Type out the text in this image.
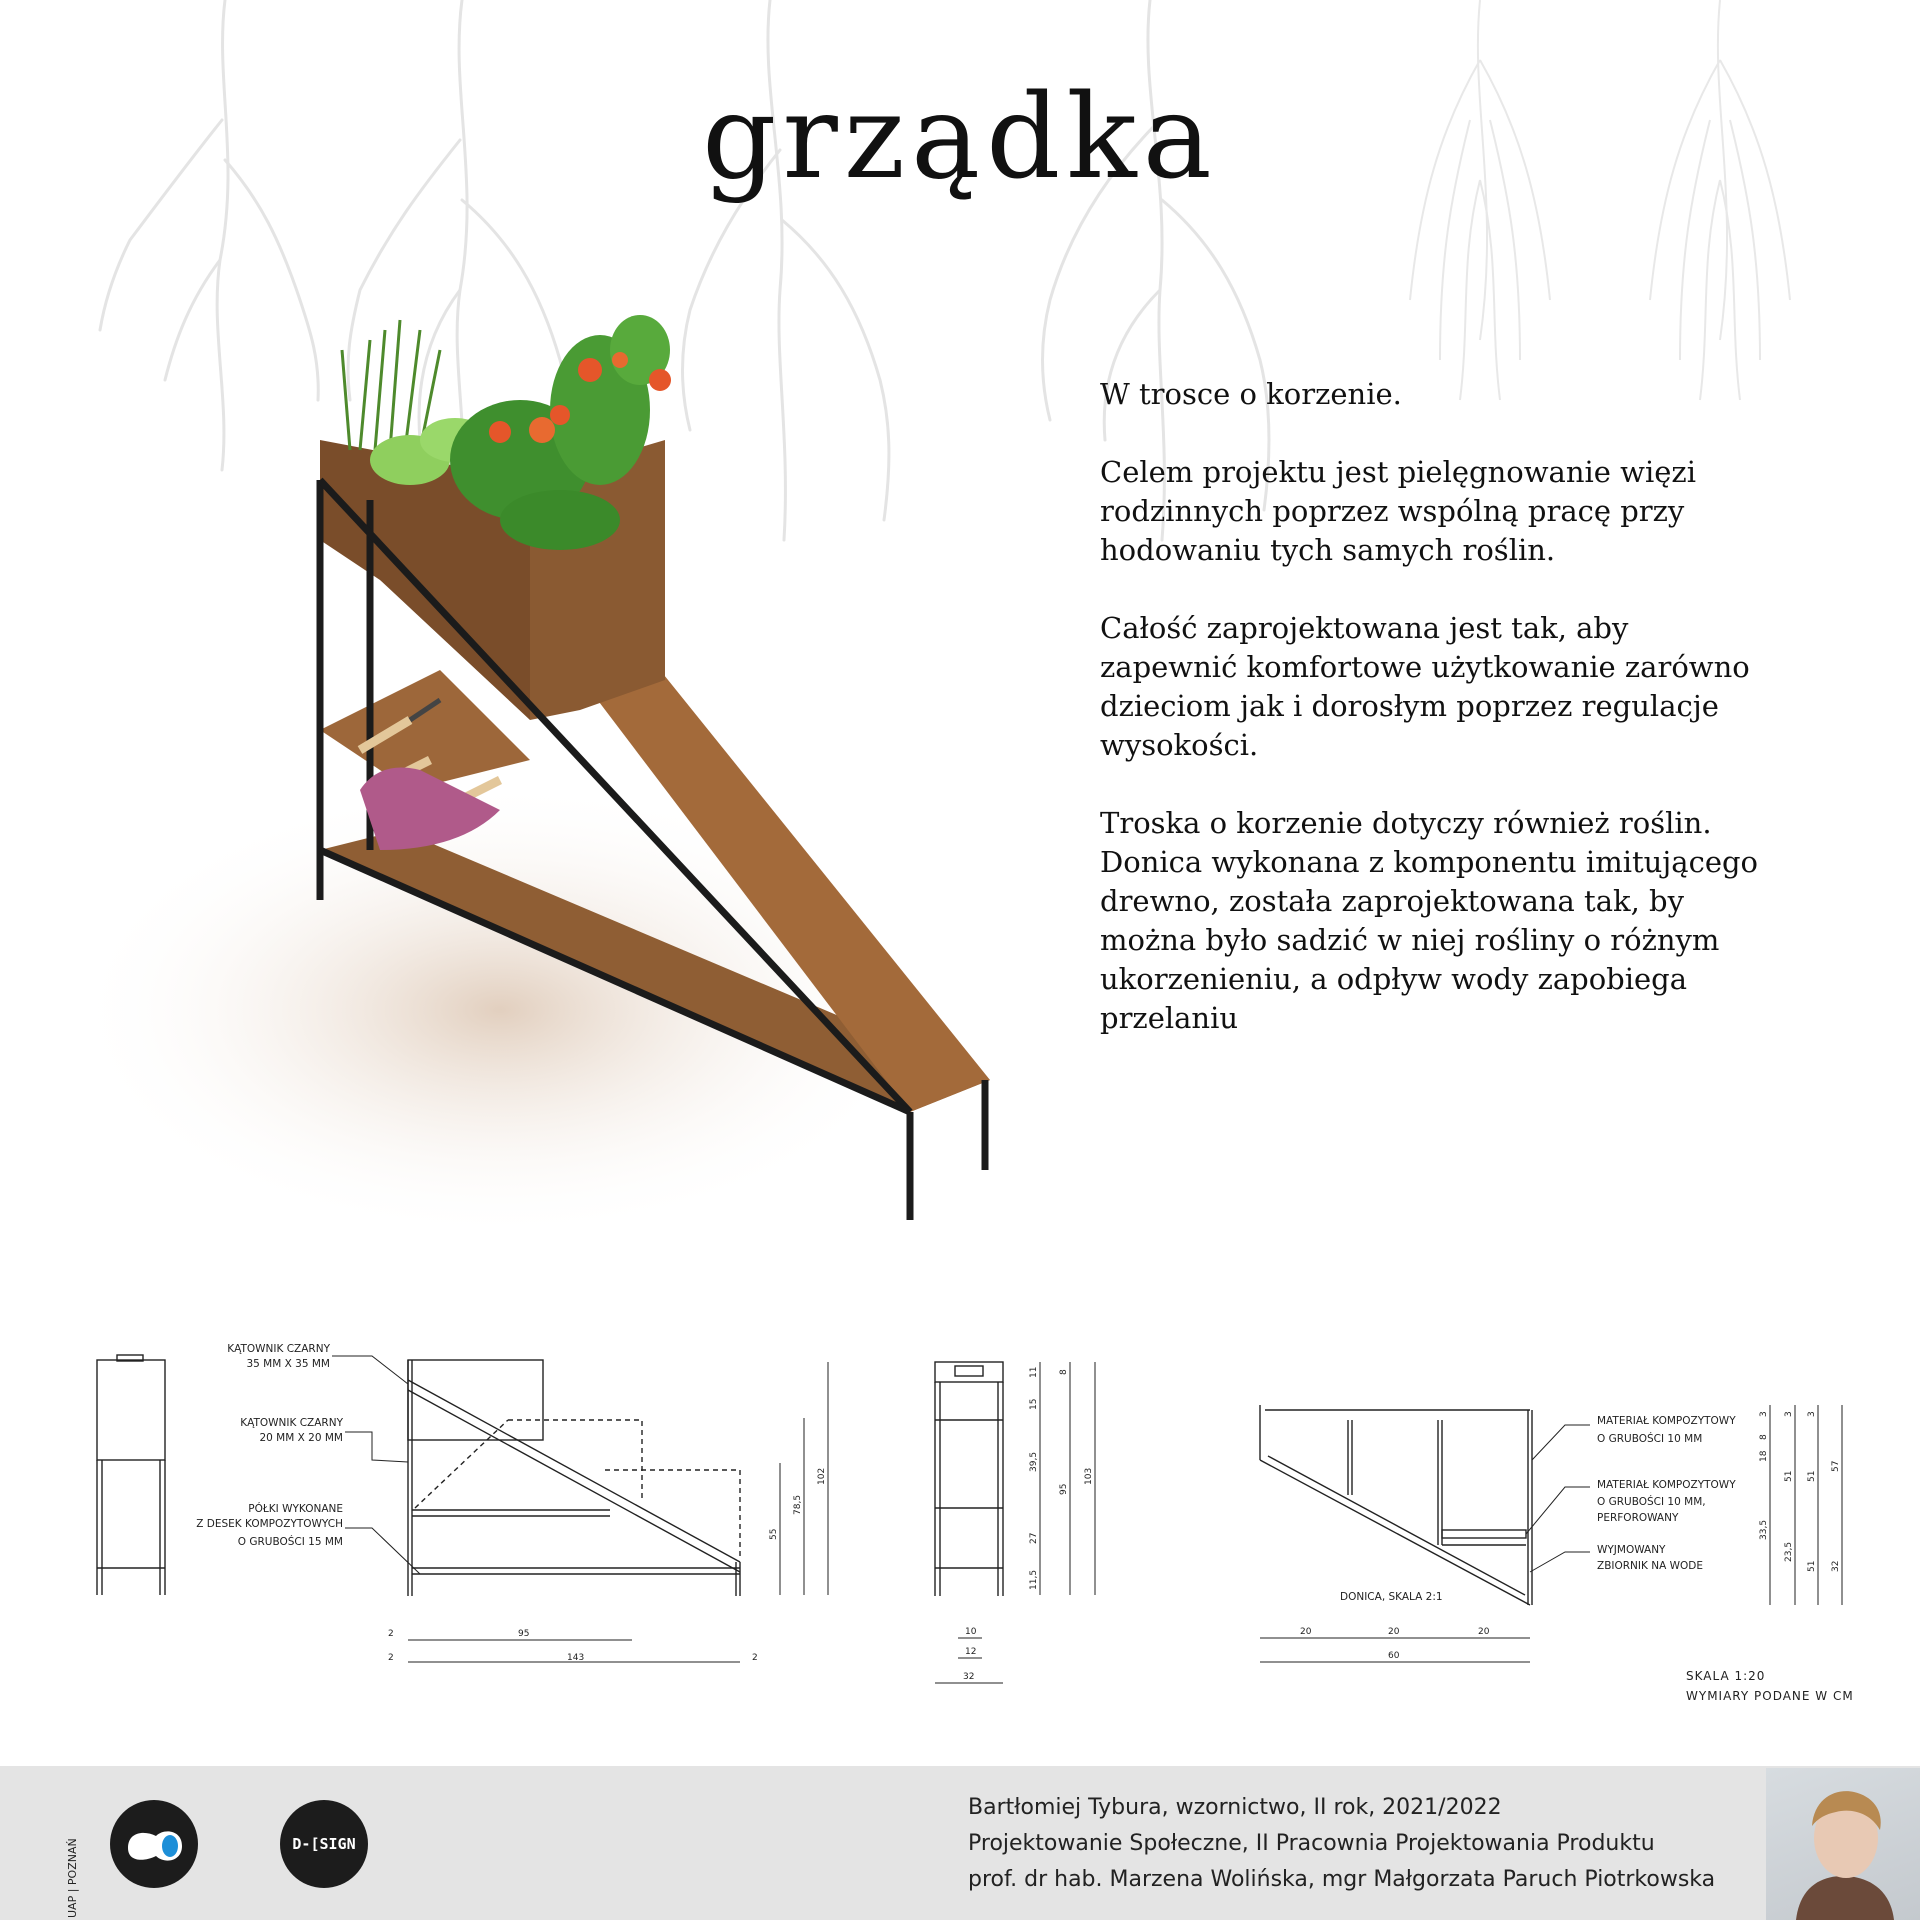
grządka

W trosce o korzenie.

Celem projektu jest pielęgnowanie więzi rodzinnych poprzez wspólną pracę przy hodowaniu tych samych roślin.

Całość zaprojektowana jest tak, aby zapewnić komfortowe użytkowanie zarówno dzieciom jak i dorosłym poprzez regulacje wysokości.

Troska o korzenie dotyczy również roślin. Donica wykonana z komponentu imitującego drewno, została zaprojektowana tak, by można było sadzić w niej rośliny o różnym ukorzenieniu, a odpływ wody zapobiega przelaniu

KĄTOWNIK CZARNY
35 MM X 35 MM
KĄTOWNIK CZARNY
20 MM X 20 MM
PÓŁKI WYKONANE
Z DESEK KOMPOZYTOWYCH
O GRUBOŚCI 15 MM
MATERIAŁ KOMPOZYTOWY
O GRUBOŚCI 10 MM
MATERIAŁ KOMPOZYTOWY
O GRUBOŚCI 10 MM,
PERFOROWANY
WYJMOWANY
ZBIORNIK NA WODE
DONICA, SKALA 2:1
2	95
2	143	2
10
12
32
20	20	20
60
55
78,5
102
11
15
39,5
27
11,5
8
95
103
3
8
18
33,5
3
51
23,5
3
51
51
57
32
SKALA 1:20
WYMIARY PODANE W CM
UAP | POZNAŃ	D-[SIGN
Bartłomiej Tybura, wzornictwo, II rok, 2021/2022
Projektowanie Społeczne, II Pracownia Projektowania Produktu
prof. dr hab. Marzena Wolińska, mgr Małgorzata Paruch Piotrkowska
